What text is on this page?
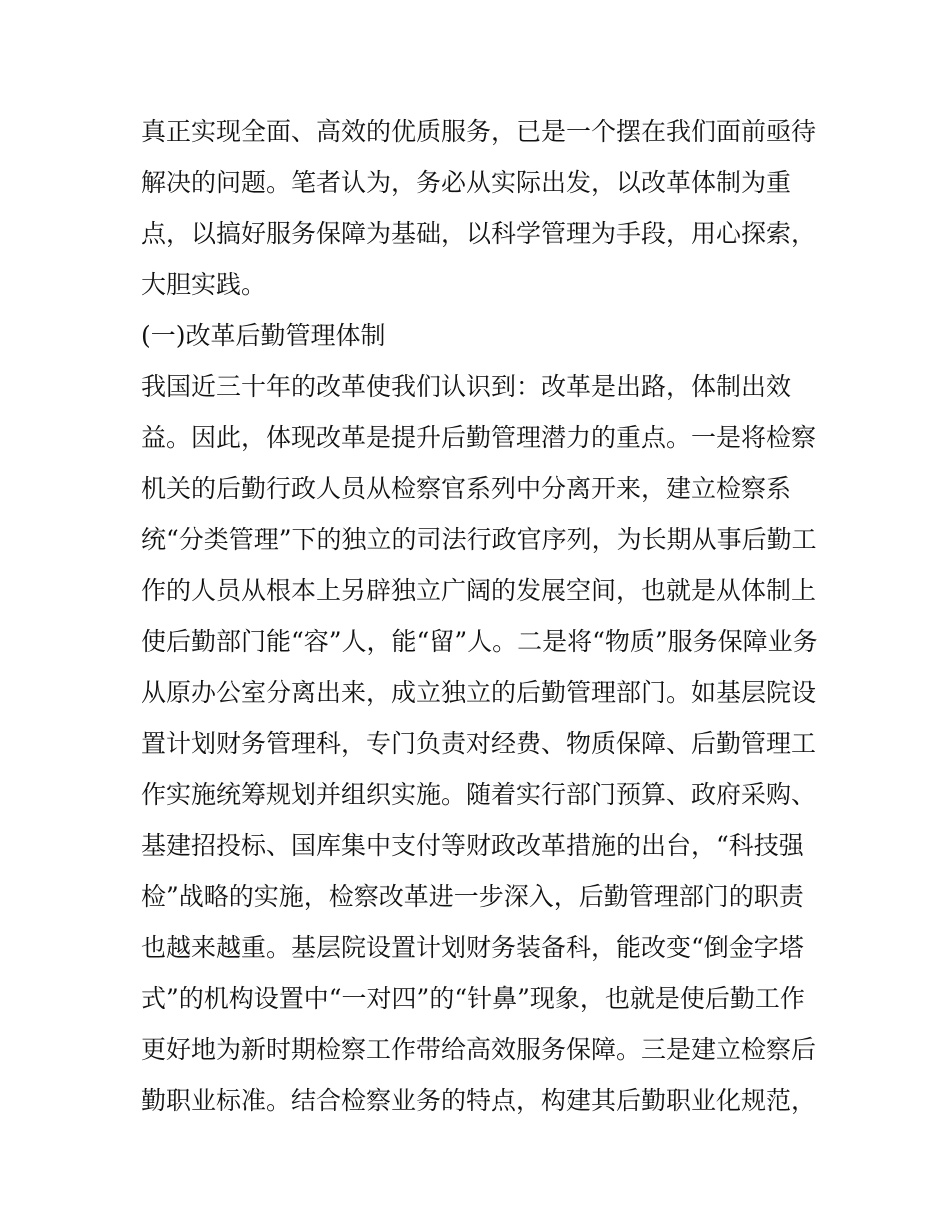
真正实现全面、高效的优质服务，已是一个摆在我们面前亟待
解决的问题。笔者认为，务必从实际出发，以改革体制为重
点，以搞好服务保障为基础，以科学管理为手段，用心探索，
大胆实践。
(一)改革后勤管理体制
我国近三十年的改革使我们认识到：改革是出路，体制出效
益。因此，体现改革是提升后勤管理潜力的重点。一是将检察
机关的后勤行政人员从检察官系列中分离开来，建立检察系
统“分类管理”下的独立的司法行政官序列，为长期从事后勤工
作的人员从根本上另辟独立广阔的发展空间，也就是从体制上
使后勤部门能“容”人，能“留”人。二是将“物质”服务保障业务
从原办公室分离出来，成立独立的后勤管理部门。如基层院设
置计划财务管理科，专门负责对经费、物质保障、后勤管理工
作实施统筹规划并组织实施。随着实行部门预算、政府采购、
基建招投标、国库集中支付等财政改革措施的出台，“科技强
检”战略的实施，检察改革进一步深入，后勤管理部门的职责
也越来越重。基层院设置计划财务装备科，能改变“倒金字塔
式”的机构设置中“一对四”的“针鼻”现象，也就是使后勤工作
更好地为新时期检察工作带给高效服务保障。三是建立检察后
勤职业标准。结合检察业务的特点，构建其后勤职业化规范，
